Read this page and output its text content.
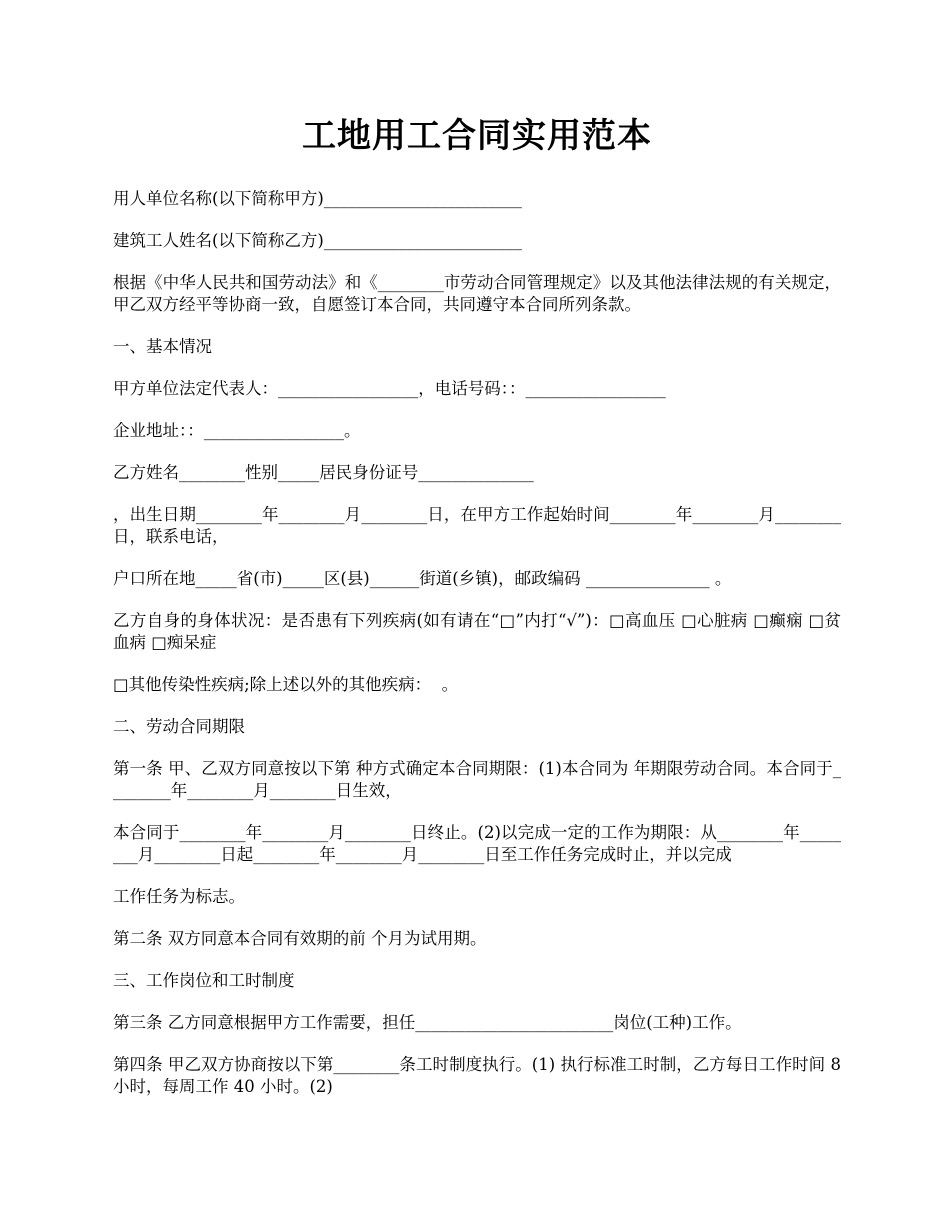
工地用工合同实用范本

用人单位名称(以下简称甲方)________________________

建筑工人姓名(以下简称乙方)________________________

根据《中华人民共和国劳动法》和《________市劳动合同管理规定》以及其他法律法规的有关规定，甲乙双方经平等协商一致，自愿签订本合同，共同遵守本合同所列条款。

一、基本情况

甲方单位法定代表人：_________________，电话号码：：_________________

企业地址：：_________________。

乙方姓名________性别_____居民身份证号______________

，出生日期________年________月________日，在甲方工作起始时间________年________月________日，联系电话，

户口所在地_____省(市)_____区(县)______街道(乡镇)，邮政编码 _______________ 。

乙方自身的身体状况：是否患有下列疾病(如有请在“□”内打“√”)：□高血压 □心脏病 □癫痫 □贫血病 □痴呆症

□其他传染性疾病;除上述以外的其他疾病：  。

二、劳动合同期限

第一条 甲、乙双方同意按以下第 种方式确定本合同期限：(1)本合同为 年期限劳动合同。本合同于________年________月________日生效，

本合同于________年________月________日终止。(2)以完成一定的工作为期限：从________年________月________日起________年________月________日至工作任务完成时止，并以完成

工作任务为标志。

第二条 双方同意本合同有效期的前 个月为试用期。

三、工作岗位和工时制度

第三条 乙方同意根据甲方工作需要，担任________________________岗位(工种)工作。

第四条 甲乙双方协商按以下第________条工时制度执行。(1) 执行标准工时制，乙方每日工作时间 8 小时，每周工作 40 小时。(2)
